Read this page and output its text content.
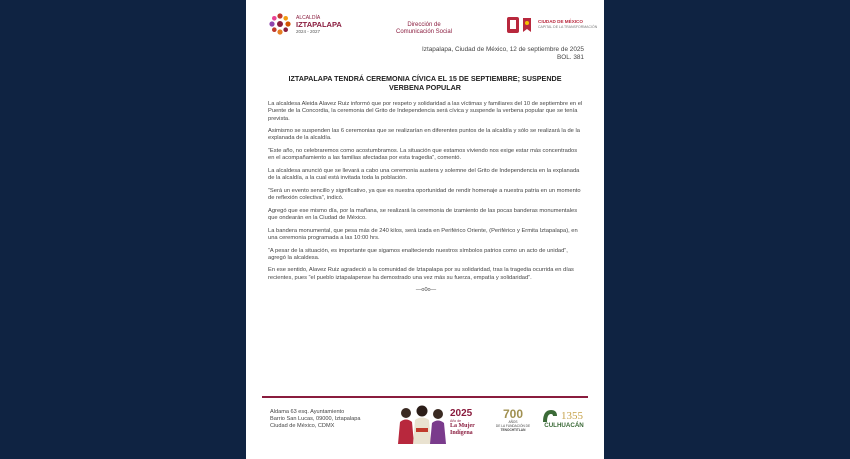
ALCALDÍA
IZTAPALAPA
2024 - 2027
Dirección de
Comunicación Social
CIUDAD DE MÉXICO
CAPITAL DE LA TRANSFORMACIÓN
Iztapalapa, Ciudad de México, 12 de septiembre de 2025
BOL. 381
IZTAPALAPA TENDRÁ CEREMONIA CÍVICA EL 15 DE SEPTIEMBRE; SUSPENDE VERBENA POPULAR

La alcaldesa Aleida Alavez Ruiz informó que por respeto y solidaridad a las víctimas y familiares del 10 de septiembre en el Puente de la Concordia, la ceremonia del Grito de Independencia será cívica y suspende la verbena popular que se tenía prevista.

Asimismo se suspenden las 6 ceremonias que se realizarían en diferentes puntos de la alcaldía y sólo se realizará la de la explanada de la alcaldía.

“Este año, no celebraremos como acostumbramos. La situación que estamos viviendo nos exige estar más concentrados en el acompañamiento a las familias afectadas por esta tragedia”, comentó.

La alcaldesa anunció que se llevará a cabo una ceremonia austera y solemne del Grito de Independencia en la explanada de la alcaldía, a la cual está invitada toda la población.

“Será un evento sencillo y significativo, ya que es nuestra oportunidad de rendir homenaje a nuestra patria en un momento de reflexión colectiva”, indicó.

Agregó que ese mismo día, por la mañana, se realizará la ceremonia de izamiento de las pocas banderas monumentales que ondearán en la Ciudad de México.

La bandera monumental, que pesa más de 240 kilos, será izada en Periférico Oriente, (Periférico y Ermita Iztapalapa), en una ceremonia programada a las 10:00 hrs.

“A pesar de la situación, es importante que sigamos enalteciendo nuestros símbolos patrios como un acto de unidad”, agregó la alcaldesa.

En ese sentido, Alavez Ruiz agradeció a la comunidad de Iztapalapa por su solidaridad, tras la tragedia ocurrida en días recientes, pues “el pueblo iztapalapense ha demostrado una vez más su fuerza, empatía y solidaridad”.

—o0o—
Aldama 63 esq. Ayuntamiento
Barrio San Lucas, 09000, Iztapalapa
Ciudad de México, CDMX
2025
Año de
La Mujer
Indígena
700
AÑOS
DE LA FUNDACIÓN DE
TENOCHTITLAN
1355
CULHUACÁN
